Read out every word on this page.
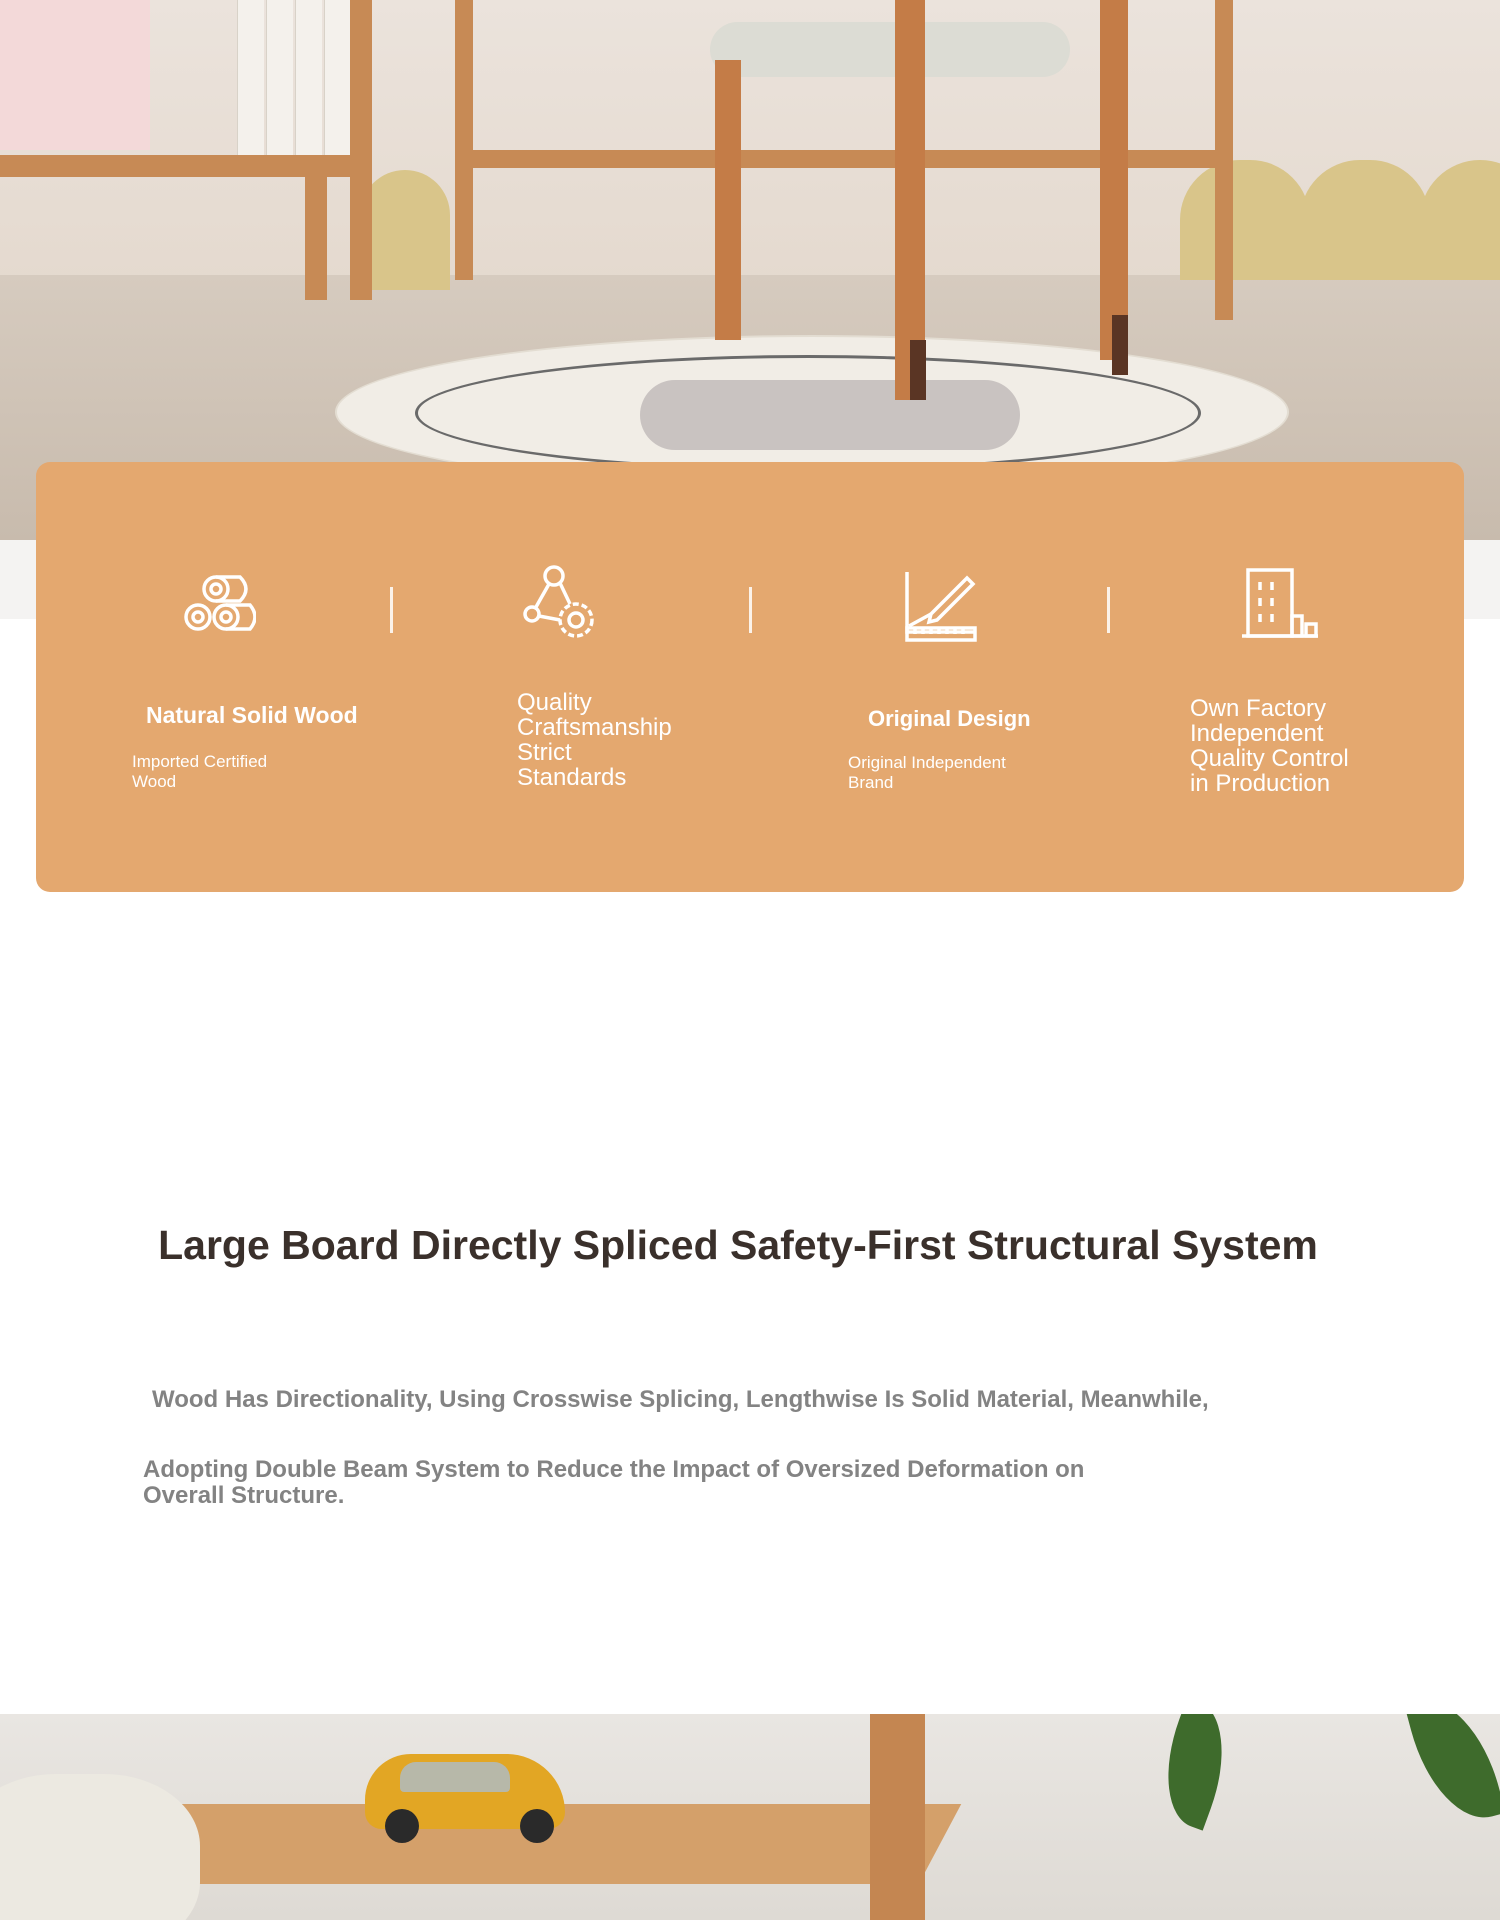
Natural Solid Wood
Imported Certified
Wood
Quality
Craftsmanship
Strict
Standards
Original Design
Original Independent
Brand
Own Factory
Independent
Quality Control
in Production
Large Board Directly Spliced Safety-First Structural System

Wood Has Directionality, Using Crosswise Splicing, Lengthwise Is Solid Material, Meanwhile,

Adopting Double Beam System to Reduce the Impact of Oversized Deformation on

Overall Structure.
